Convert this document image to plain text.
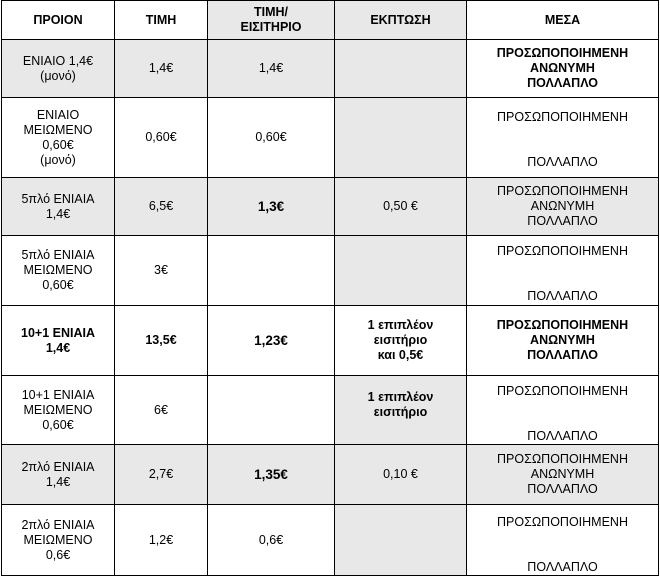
ΠΡΟΙΟΝ	ΤΙΜΗ	ΤΙΜΗ/
ΕΙΣΙΤΗΡΙΟ	ΕΚΠΤΩΣΗ	ΜΕΣΑ

ΕΝΙΑΙΟ 1,4€
(μονό)	1,4€	1,4€		ΠΡΟΣΩΠΟΠΟΙΗΜΕΝΗ
ΑΝΩΝΥΜΗ
ΠΟΛΛΑΠΛΟ

ΕΝΙΑΙΟ
ΜΕΙΩΜΕΝΟ
0,60€
(μονό)	0,60€	0,60€		ΠΡΟΣΩΠΟΠΟΙΗΜΕΝΗ
ΠΟΛΛΑΠΛΟ

5πλό ΕΝΙΑΙΑ
1,4€	6,5€	1,3€	0,50 €	ΠΡΟΣΩΠΟΠΟΙΗΜΕΝΗ
ΑΝΩΝΥΜΗ
ΠΟΛΛΑΠΛΟ

5πλό ΕΝΙΑΙΑ
ΜΕΙΩΜΕΝΟ
0,60€	3€			ΠΡΟΣΩΠΟΠΟΙΗΜΕΝΗ
ΠΟΛΛΑΠΛΟ

10+1 ΕΝΙΑΙΑ
1,4€	13,5€	1,23€	1 επιπλέον
εισιτήριο
και 0,5€	ΠΡΟΣΩΠΟΠΟΙΗΜΕΝΗ
ΑΝΩΝΥΜΗ
ΠΟΛΛΑΠΛΟ

10+1 ΕΝΙΑΙΑ
ΜΕΙΩΜΕΝΟ
0,60€	6€		1 επιπλέον
εισιτήριο	ΠΡΟΣΩΠΟΠΟΙΗΜΕΝΗ
ΠΟΛΛΑΠΛΟ

2πλό ΕΝΙΑΙΑ
1,4€	2,7€	1,35€	0,10 €	ΠΡΟΣΩΠΟΠΟΙΗΜΕΝΗ
ΑΝΩΝΥΜΗ
ΠΟΛΛΑΠΛΟ

2πλό ΕΝΙΑΙΑ
ΜΕΙΩΜΕΝΟ
0,6€	1,2€	0,6€		ΠΡΟΣΩΠΟΠΟΙΗΜΕΝΗ
ΠΟΛΛΑΠΛΟ
